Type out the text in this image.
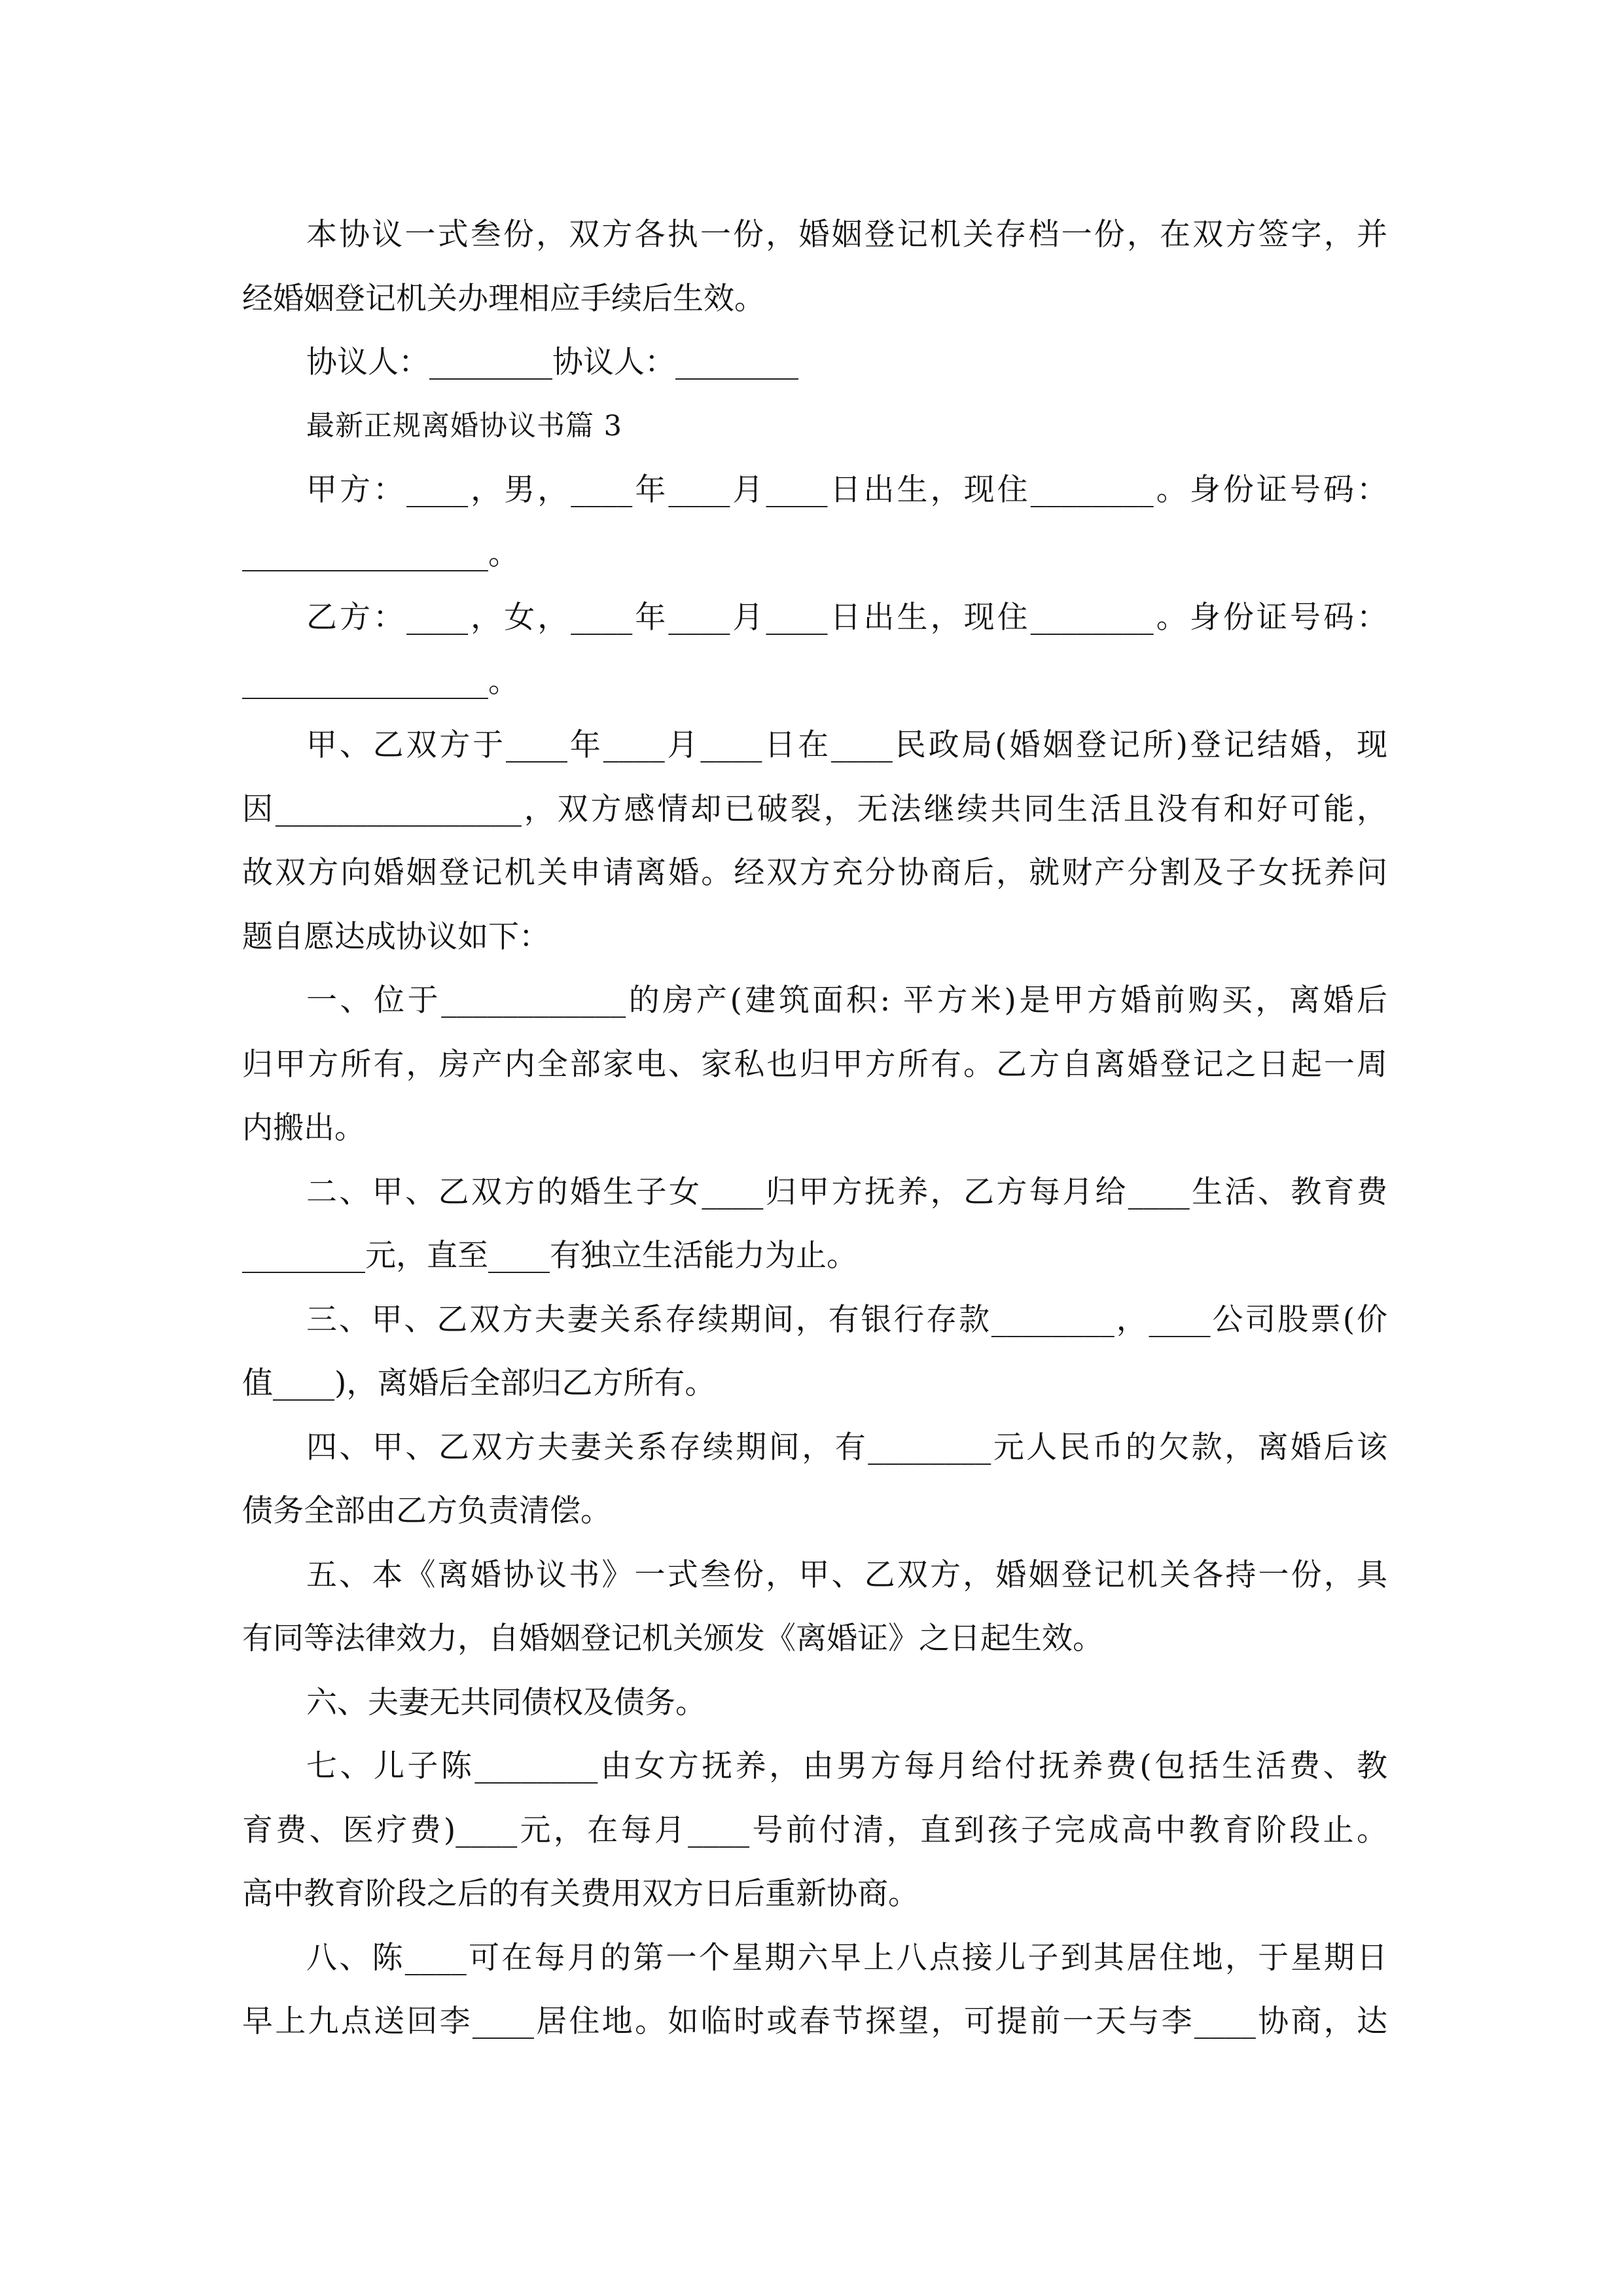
本协议一式叁份，双方各执一份，婚姻登记机关存档一份，在双方签字，并
经婚姻登记机关办理相应手续后生效。
协议人：________协议人：________
最新正规离婚协议书篇 3
甲方：____，男，____年____月____日出生，现住________。身份证号码：
________________。
乙方：____，女，____年____月____日出生，现住________。身份证号码：
________________。
甲、乙双方于____年____月____日在____民政局(婚姻登记所)登记结婚，现
因________________，双方感情却已破裂，无法继续共同生活且没有和好可能，
故双方向婚姻登记机关申请离婚。经双方充分协商后，就财产分割及子女抚养问
题自愿达成协议如下：
一、位于____________的房产(建筑面积: 平方米)是甲方婚前购买，离婚后
归甲方所有，房产内全部家电、家私也归甲方所有。乙方自离婚登记之日起一周
内搬出。
二、甲、乙双方的婚生子女____归甲方抚养，乙方每月给____生活、教育费
________元，直至____有独立生活能力为止。
三、甲、乙双方夫妻关系存续期间，有银行存款________，____公司股票(价
值____)，离婚后全部归乙方所有。
四、甲、乙双方夫妻关系存续期间，有________元人民币的欠款，离婚后该
债务全部由乙方负责清偿。
五、本《离婚协议书》一式叁份，甲、乙双方，婚姻登记机关各持一份，具
有同等法律效力，自婚姻登记机关颁发《离婚证》之日起生效。
六、夫妻无共同债权及债务。
七、儿子陈________由女方抚养，由男方每月给付抚养费(包括生活费、教
育费、医疗费)____元，在每月____号前付清，直到孩子完成高中教育阶段止。
高中教育阶段之后的有关费用双方日后重新协商。
八、陈____可在每月的第一个星期六早上八点接儿子到其居住地，于星期日
早上九点送回李____居住地。如临时或春节探望，可提前一天与李____协商，达
